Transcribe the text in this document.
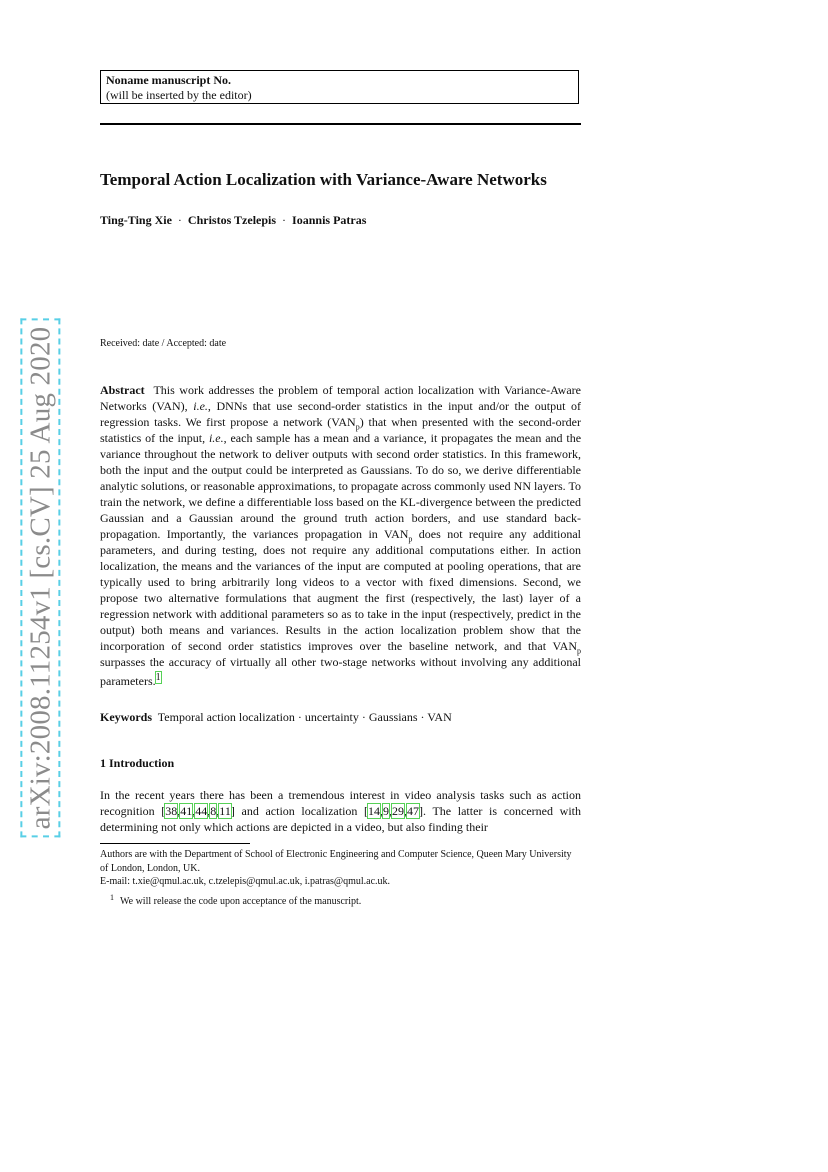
arXiv:2008.11254v1 [cs.CV] 25 Aug 2020
Noname manuscript No.
(will be inserted by the editor)
Temporal Action Localization with Variance-Aware Networks
Ting-Ting Xie · Christos Tzelepis · Ioannis Patras
Received: date / Accepted: date

Abstract This work addresses the problem of temporal action localization with Variance-Aware Networks (VAN), i.e., DNNs that use second-order statistics in the input and/or the output of regression tasks. We first propose a network $(VAN_p)$ that when presented with the second-order statistics of the input, i.e., each sample has a mean and a variance, it propagates the mean and the variance throughout the network to deliver outputs with second order statistics. In this framework, both the input and the output could be interpreted as Gaussians. To do so, we derive differentiable analytic solutions, or reasonable approximations, to propagate across commonly used NN layers. To train the network, we define a differentiable loss based on the KL-divergence between the predicted Gaussian and a Gaussian around the ground truth action borders, and use standard back-propagation. Importantly, the variances propagation in $VAN_p$ does not require any additional parameters, and during testing, does not require any additional computations either. In action localization, the means and the variances of the input are computed at pooling operations, that are typically used to bring arbitrarily long videos to a vector with fixed dimensions. Second, we propose two alternative formulations that augment the first (respectively, the last) layer of a regression network with additional parameters so as to take in the input (respectively, predict in the output) both means and variances. Results in the action localization problem show that the incorporation of second order statistics improves over the baseline network, and that $VAN_p$ surpasses the accuracy of virtually all other two-stage networks without involving any additional parameters.$^1$

Keywords Temporal action localization · uncertainty · Gaussians · VAN
1 Introduction

In the recent years there has been a tremendous interest in video analysis tasks such as action recognition [38,41,44,8,11] and action localization [14,9,29,47]. The latter is concerned with determining not only which actions are depicted in a video, but also finding their

Authors are with the Department of School of Electronic Engineering and Computer Science, Queen Mary University of London, London, UK.
E-mail: t.xie@qmul.ac.uk, c.tzelepis@qmul.ac.uk, i.patras@qmul.ac.uk.
$^1$ We will release the code upon acceptance of the manuscript.
